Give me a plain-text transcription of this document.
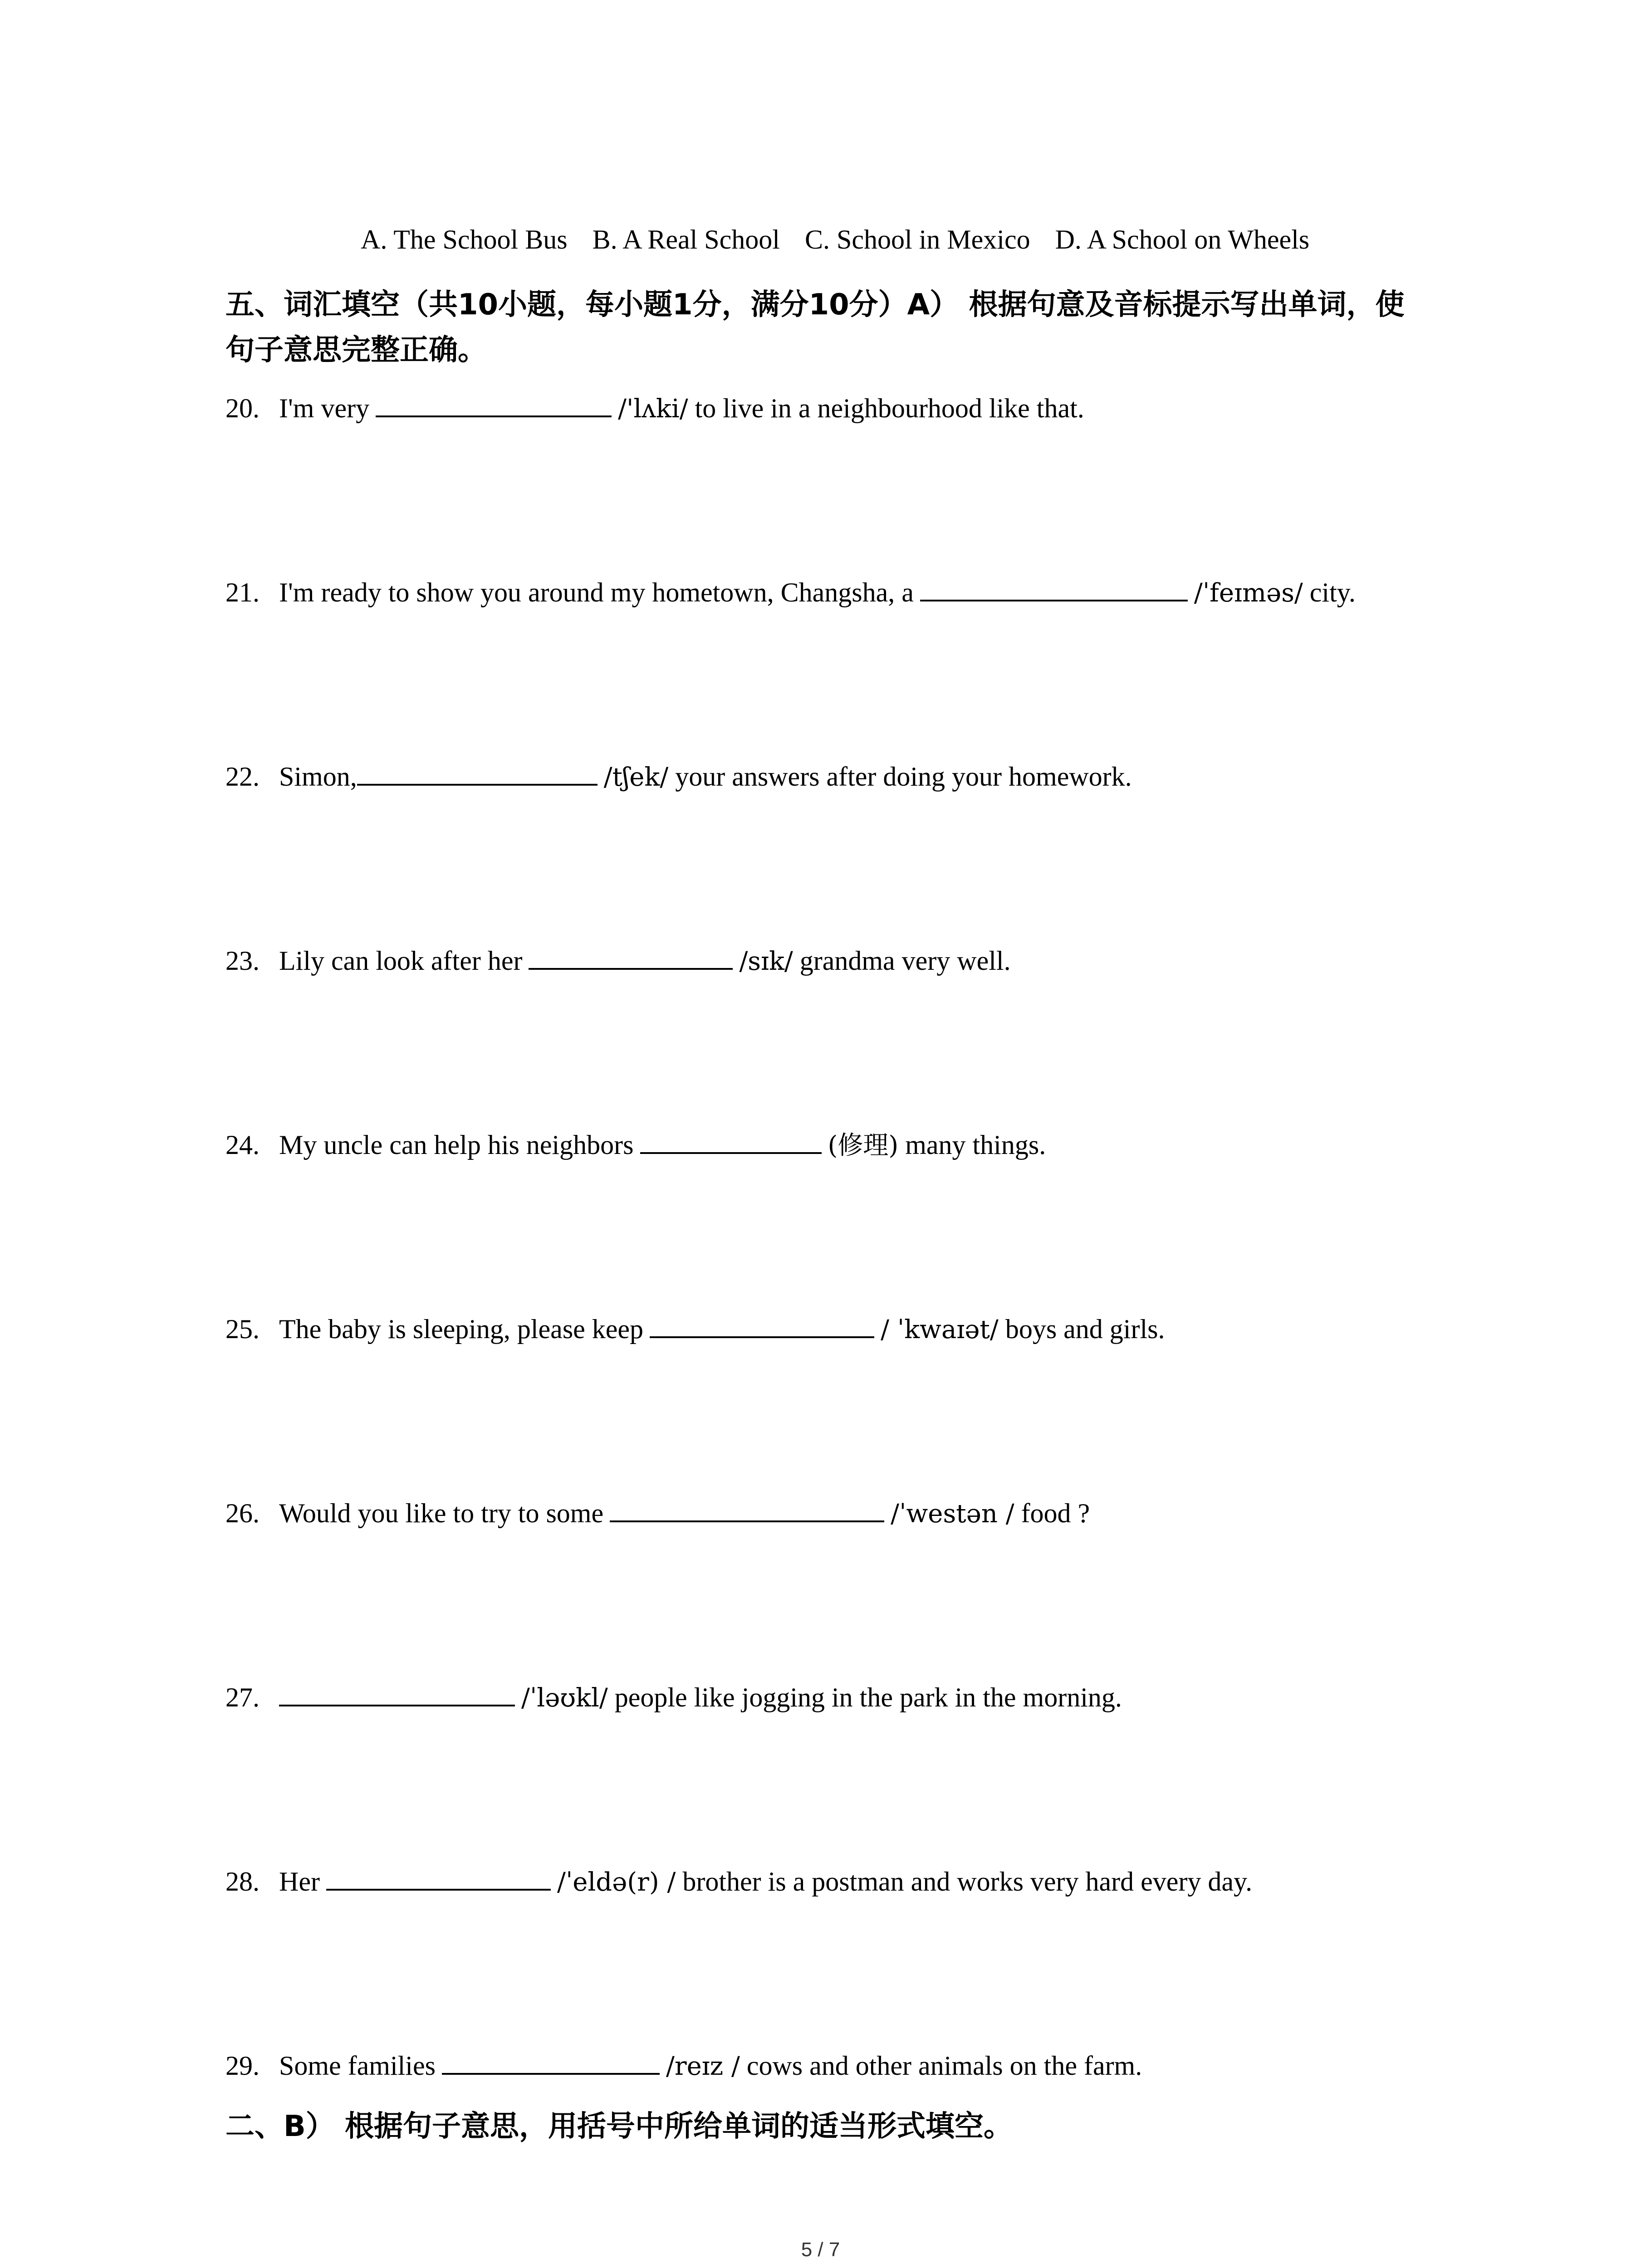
A. The School Bus B. A Real School C. School in Mexico D. A School on Wheels
五、词汇填空（共10小题，每小题1分，满分10分）A） 根据句意及音标提示写出单词，使
句子意思完整正确。
20. I'm very	/'lʌki/ to live in a neighbourhood like that.
21. I'm ready to show you around my hometown, Changsha, a	/ˈfeɪməs/ city.
22. Simon,	/tʃek/ your answers after doing your homework.
23. Lily can look after her	/sɪk/ grandma very well.
24. My uncle can help his neighbors	(修理) many things.
25. The baby is sleeping, please keep	/ ˈkwaɪət/ boys and girls.
26. Would you like to try to some	/ˈwestən / food ?
27.	/ˈləʊkl/ people like jogging in the park in the morning.
28. Her	/ˈeldə(r) / brother is a postman and works very hard every day.
29. Some families	/reɪz / cows and other animals on the farm.
二、B） 根据句子意思，用括号中所给单词的适当形式填空。
5 / 7
